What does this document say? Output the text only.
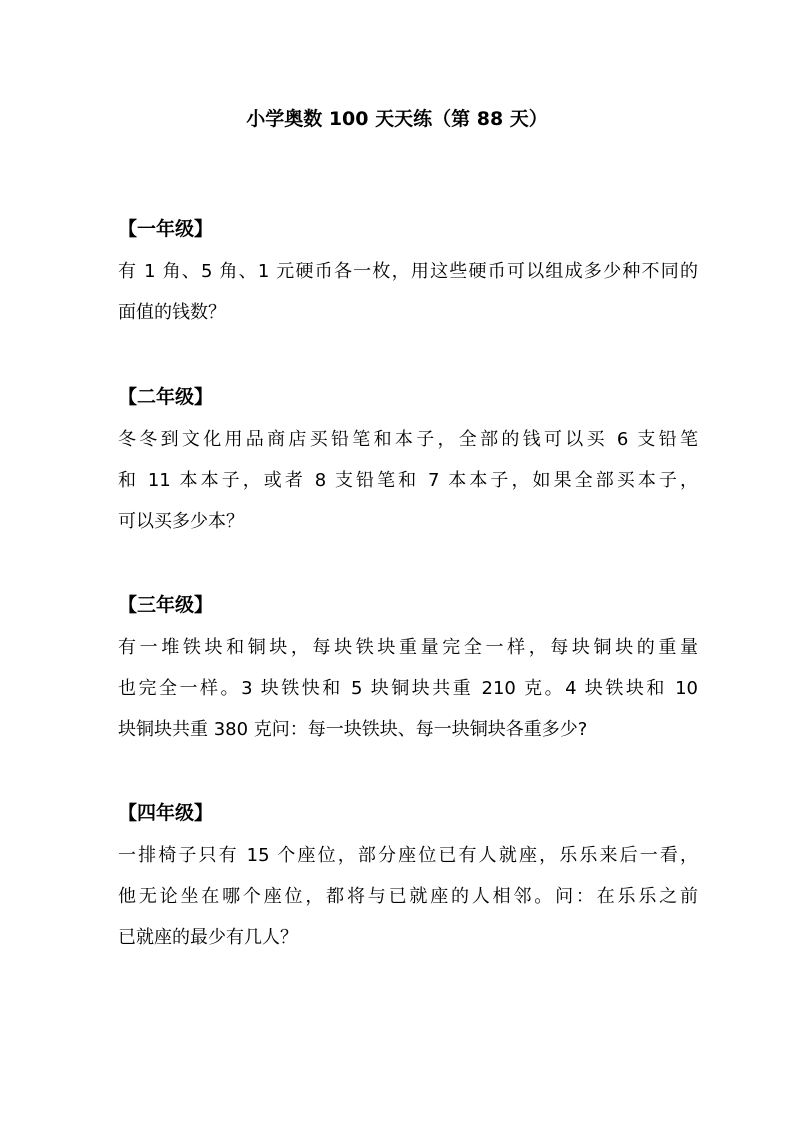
小学奥数 100 天天练（第 88 天）
【一年级】
有 1 角、5 角、1 元硬币各一枚，用这些硬币可以组成多少种不同的
面值的钱数？
【二年级】
冬冬到文化用品商店买铅笔和本子，全部的钱可以买 6 支铅笔
和 11 本本子，或者 8 支铅笔和 7 本本子，如果全部买本子，
可以买多少本？
【三年级】
有一堆铁块和铜块，每块铁块重量完全一样，每块铜块的重量
也完全一样。3 块铁快和 5 块铜块共重 210 克。4 块铁块和 10
块铜块共重 380 克问：每一块铁块、每一块铜块各重多少?
【四年级】
一排椅子只有 15 个座位，部分座位已有人就座，乐乐来后一看，
他无论坐在哪个座位，都将与已就座的人相邻。问：在乐乐之前
已就座的最少有几人？
